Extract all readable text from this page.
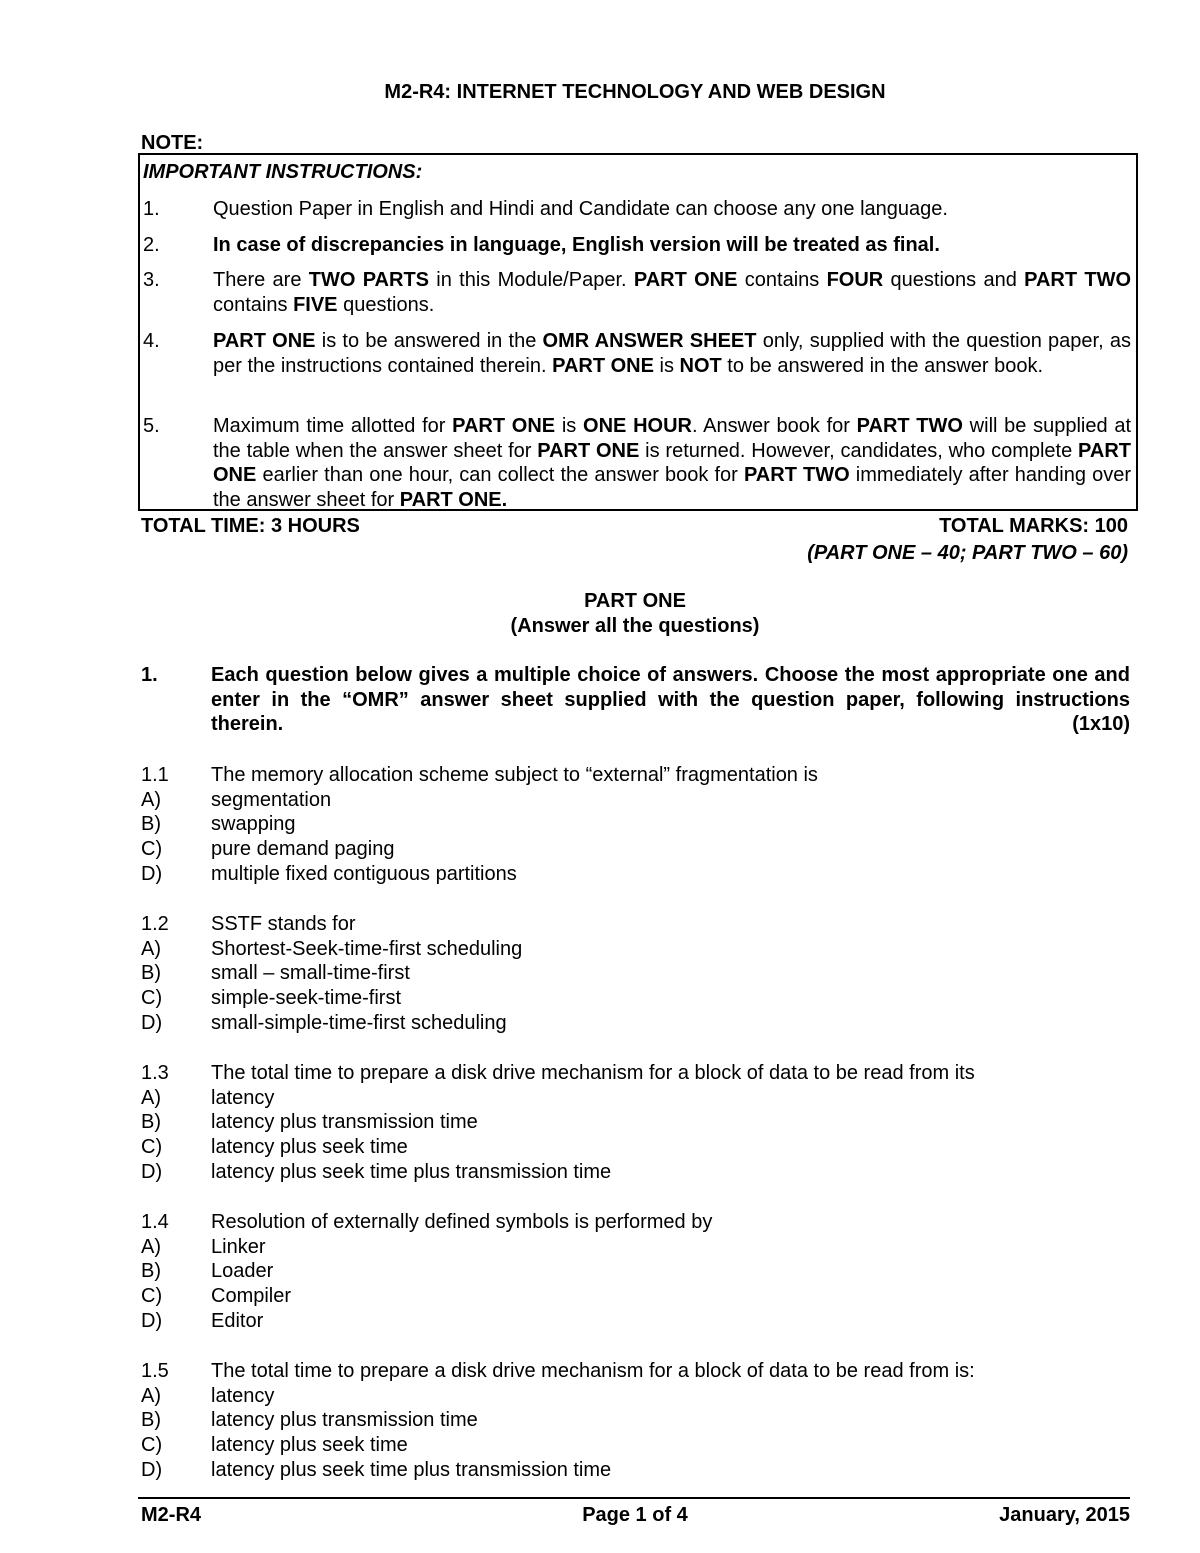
M2-R4: INTERNET TECHNOLOGY AND WEB DESIGN
NOTE:
IMPORTANT INSTRUCTIONS:
1.	Question Paper in English and Hindi and Candidate can choose any one language.
2.	In case of discrepancies in language, English version will be treated as final.
3.	There are TWO PARTS in this Module/Paper. PART ONE contains FOUR questions and PART TWO contains FIVE questions.
4.	PART ONE is to be answered in the OMR ANSWER SHEET only, supplied with the question paper, as per the instructions contained therein. PART ONE is NOT to be answered in the answer book.
5.	Maximum time allotted for PART ONE is ONE HOUR. Answer book for PART TWO will be supplied at the table when the answer sheet for PART ONE is returned. However, candidates, who complete PART ONE earlier than one hour, can collect the answer book for PART TWO immediately after handing over the answer sheet for PART ONE.
TOTAL TIME: 3 HOURS	TOTAL MARKS: 100
(PART ONE – 40; PART TWO – 60)
PART ONE
(Answer all the questions)
1.	Each question below gives a multiple choice of answers. Choose the most appropriate one and enter in the “OMR” answer sheet supplied with the question paper, following instructions therein.	(1x10)
1.1 The memory allocation scheme subject to “external” fragmentation is
A)	segmentation
B)	swapping
C) pure demand paging
D) multiple fixed contiguous partitions
1.2 SSTF stands for
A)	Shortest-Seek-time-first scheduling
B)	small – small-time-first
C) simple-seek-time-first
D) small-simple-time-first scheduling
1.3 The total time to prepare a disk drive mechanism for a block of data to be read from its
A)	latency
B)	latency plus transmission time
C) latency plus seek time
D) latency plus seek time plus transmission time
1.4 Resolution of externally defined symbols is performed by
A)	Linker
B)	Loader
C) Compiler
D) Editor
1.5 The total time to prepare a disk drive mechanism for a block of data to be read from is:
A)	latency
B)	latency plus transmission time
C) latency plus seek time
D) latency plus seek time plus transmission time
M2-R4	Page 1 of 4	January, 2015
